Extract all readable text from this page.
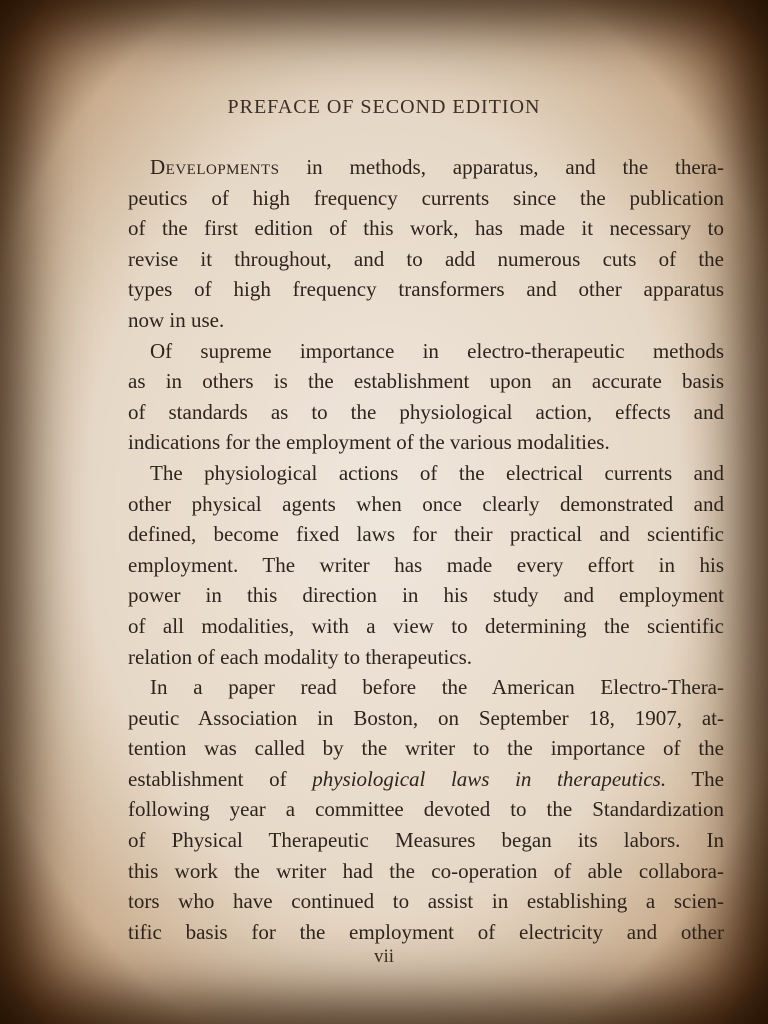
PREFACE OF SECOND EDITION

Developments in methods, apparatus, and the thera-
peutics of high frequency currents since the publication
of the first edition of this work, has made it necessary to
revise it throughout, and to add numerous cuts of the
types of high frequency transformers and other apparatus
now in use.

Of supreme importance in electro-therapeutic methods
as in others is the establishment upon an accurate basis
of standards as to the physiological action, effects and
indications for the employment of the various modalities.

The physiological actions of the electrical currents and
other physical agents when once clearly demonstrated and
defined, become fixed laws for their practical and scientific
employment. The writer has made every effort in his
power in this direction in his study and employment
of all modalities, with a view to determining the scientific
relation of each modality to therapeutics.

In a paper read before the American Electro-Thera-
peutic Association in Boston, on September 18, 1907, at-
tention was called by the writer to the importance of the
establishment of physiological laws in therapeutics. The
following year a committee devoted to the Standardization
of Physical Therapeutic Measures began its labors. In
this work the writer had the co-operation of able collabora-
tors who have continued to assist in establishing a scien-
tific basis for the employment of electricity and other

vii
